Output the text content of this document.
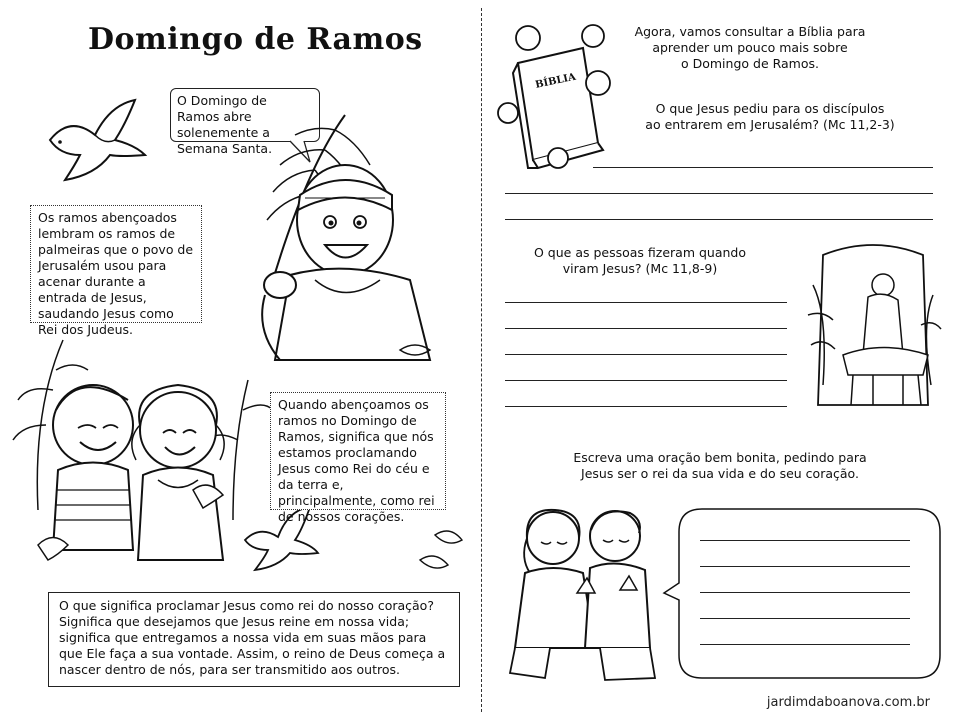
Domingo de Ramos
O Domingo de Ramos abre solenemente a Semana Santa.
Os ramos abençoados lembram os ramos de palmeiras que o povo de Jerusalém usou para acenar durante a entrada de Jesus, saudando Jesus como Rei dos Judeus.
Quando abençoamos os ramos no Domingo de Ramos, significa que nós estamos proclamando Jesus como Rei do céu e da terra e, principalmente, como rei de nossos corações.
O que significa proclamar Jesus como rei do nosso coração? Significa que desejamos que Jesus reine em nossa vida; significa que entregamos a nossa vida em suas mãos para que Ele faça a sua vontade. Assim, o reino de Deus começa a nascer dentro de nós, para ser transmitido aos outros.
BÍBLIA
Agora, vamos consultar a Bíblia para
aprender um pouco mais sobre
o Domingo de Ramos.
O que Jesus pediu para os discípulos
ao entrarem em Jerusalém? (Mc 11,2-3)
O que as pessoas fizeram quando
viram Jesus? (Mc 11,8-9)
Escreva uma oração bem bonita, pedindo para
Jesus ser o rei da sua vida e do seu coração.
jardimdaboanova.com.br
